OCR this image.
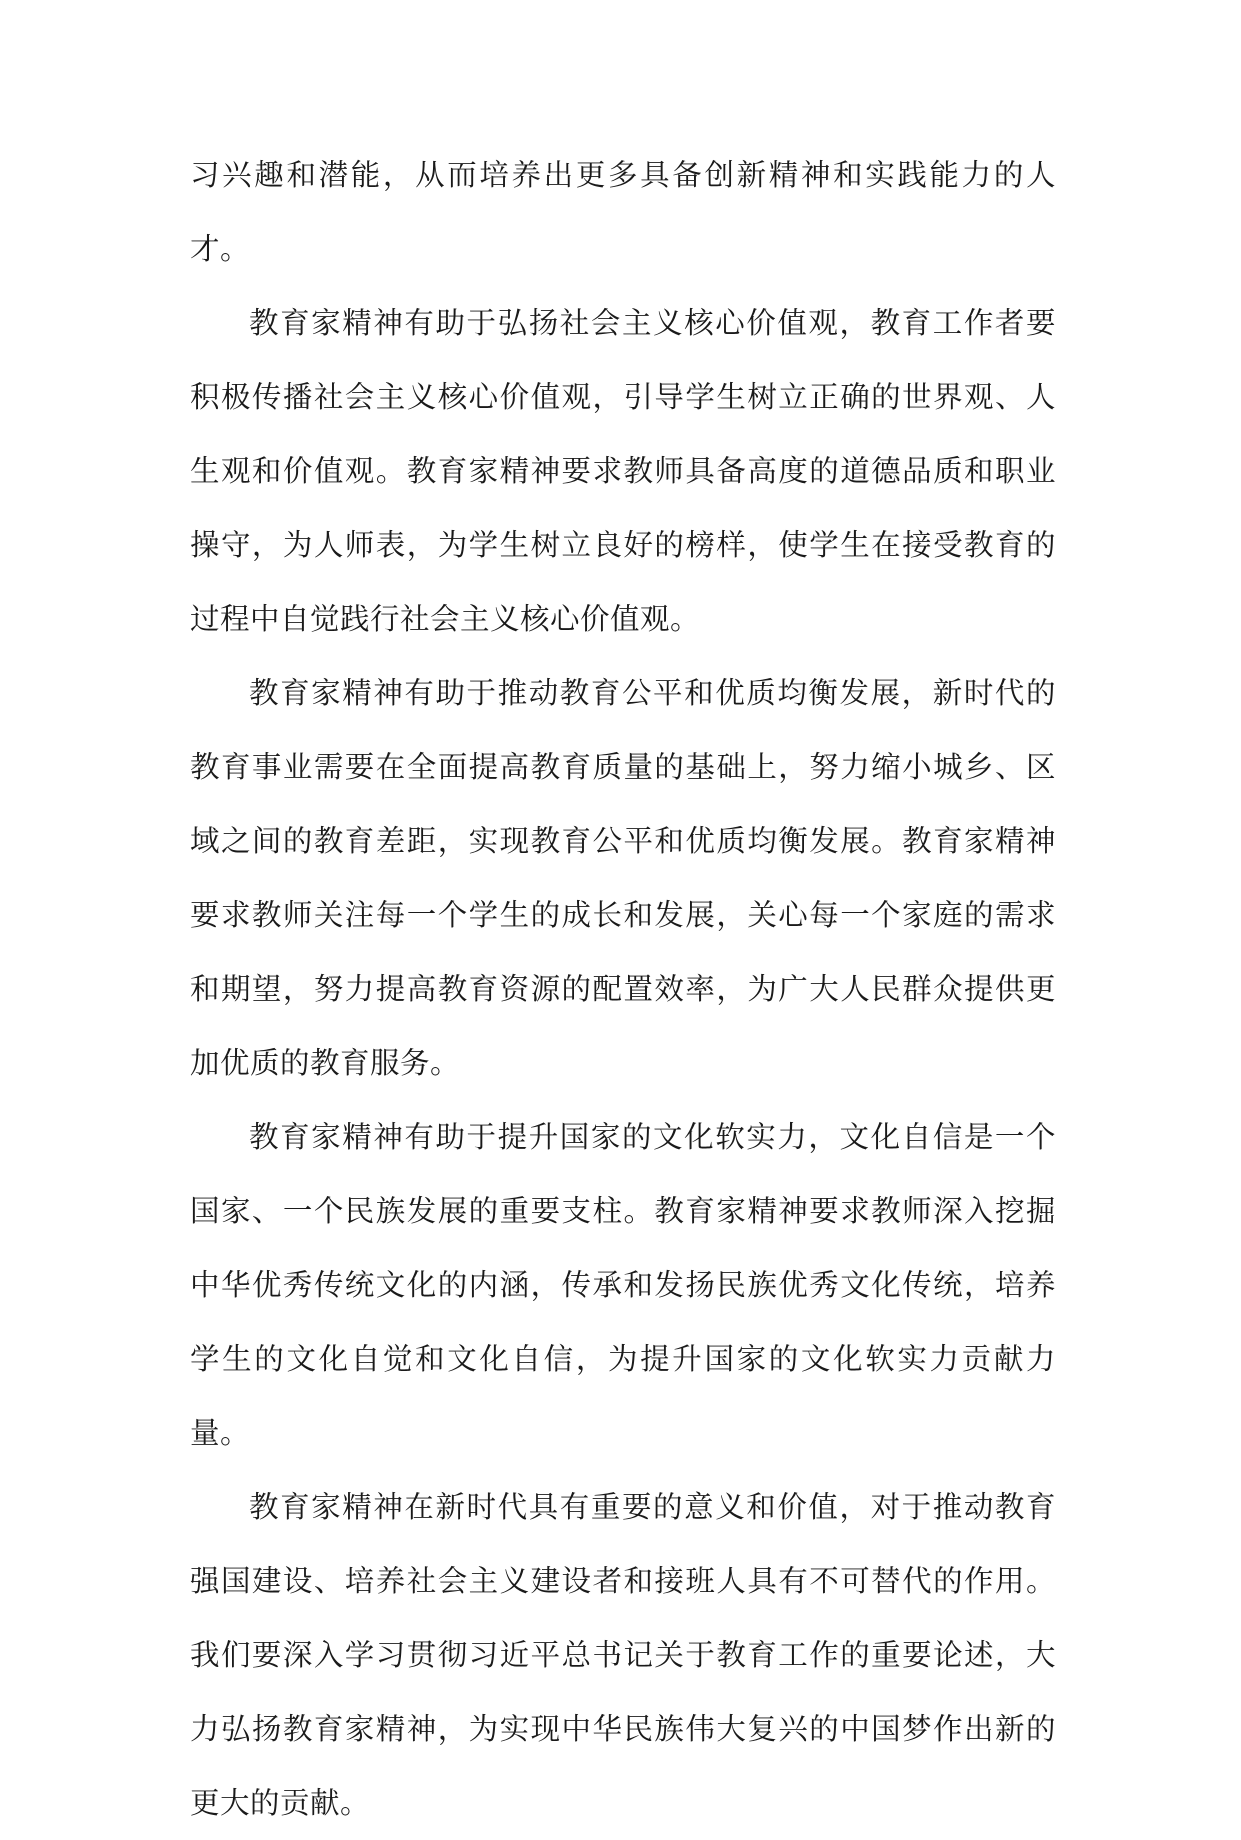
习兴趣和潜能，从而培养出更多具备创新精神和实践能力的人才。

教育家精神有助于弘扬社会主义核心价值观，教育工作者要积极传播社会主义核心价值观，引导学生树立正确的世界观、人生观和价值观。教育家精神要求教师具备高度的道德品质和职业操守，为人师表，为学生树立良好的榜样，使学生在接受教育的过程中自觉践行社会主义核心价值观。

教育家精神有助于推动教育公平和优质均衡发展，新时代的教育事业需要在全面提高教育质量的基础上，努力缩小城乡、区域之间的教育差距，实现教育公平和优质均衡发展。教育家精神要求教师关注每一个学生的成长和发展，关心每一个家庭的需求和期望，努力提高教育资源的配置效率，为广大人民群众提供更加优质的教育服务。

教育家精神有助于提升国家的文化软实力，文化自信是一个国家、一个民族发展的重要支柱。教育家精神要求教师深入挖掘中华优秀传统文化的内涵，传承和发扬民族优秀文化传统，培养学生的文化自觉和文化自信，为提升国家的文化软实力贡献力量。

教育家精神在新时代具有重要的意义和价值，对于推动教育强国建设、培养社会主义建设者和接班人具有不可替代的作用。我们要深入学习贯彻习近平总书记关于教育工作的重要论述，大力弘扬教育家精神，为实现中华民族伟大复兴的中国梦作出新的更大的贡献。
